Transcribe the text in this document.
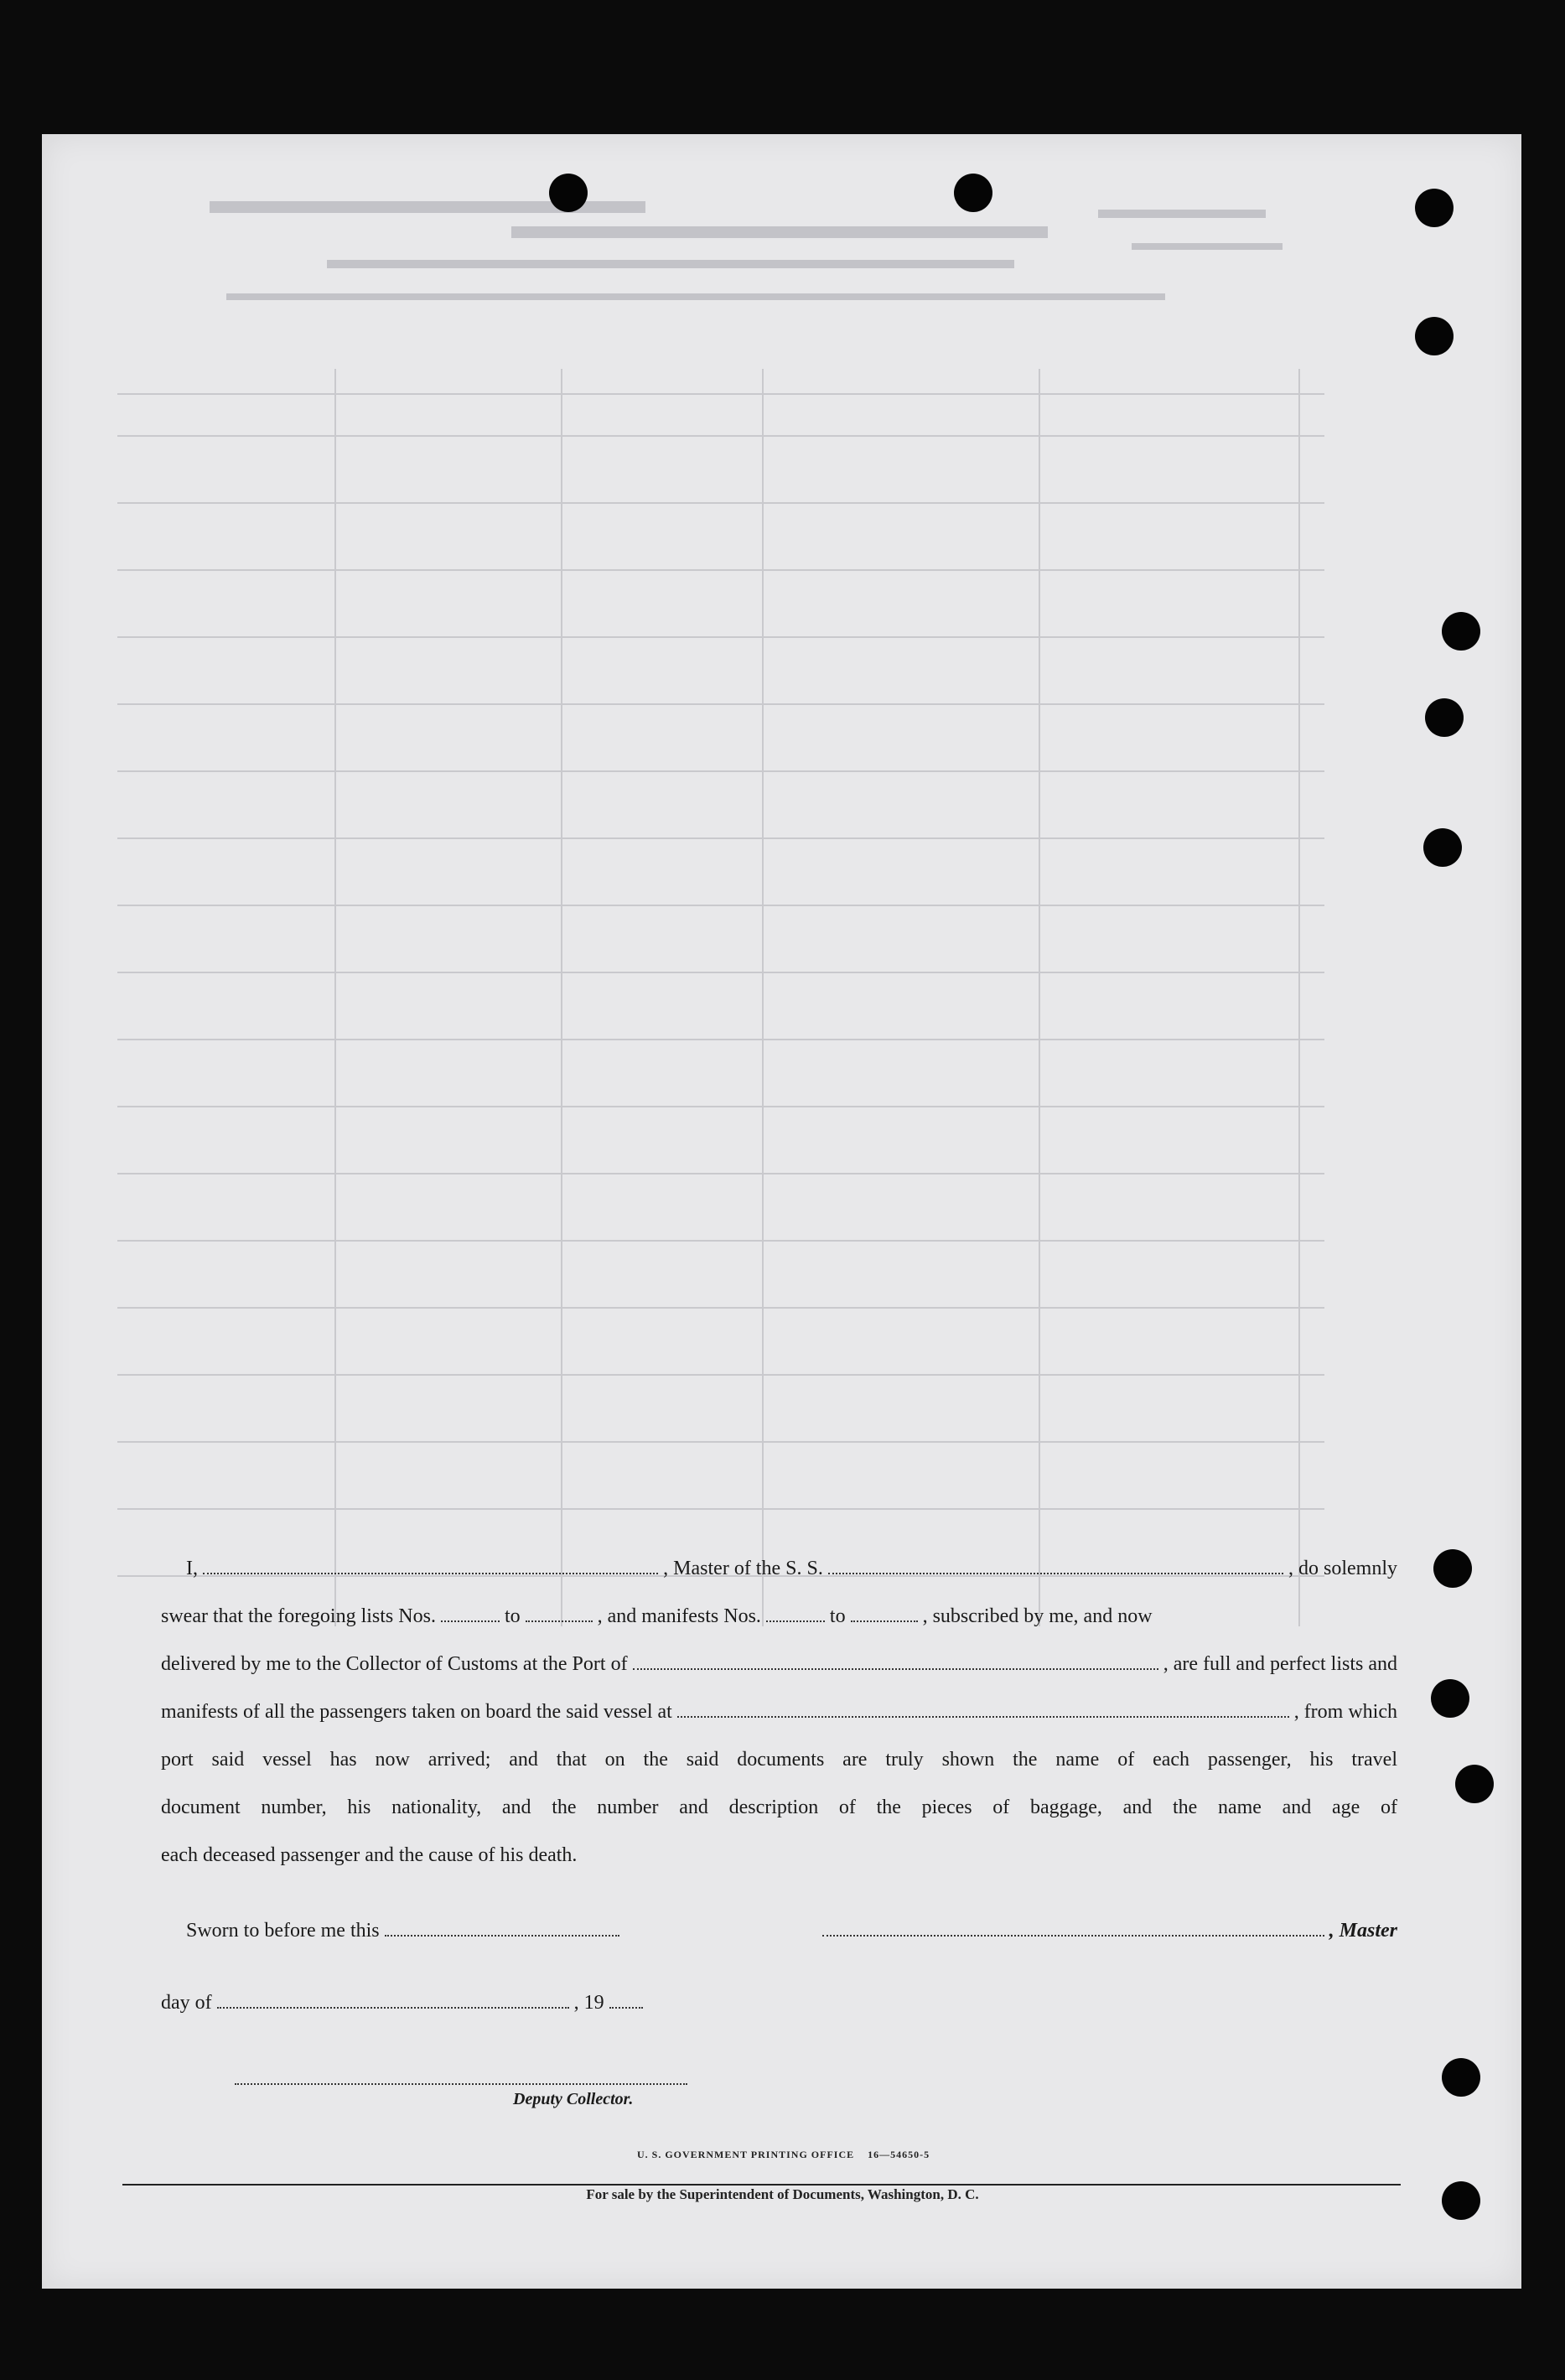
I,	, Master of the S. S.	, do solemnly
swear that the foregoing lists Nos.	to	, and manifests Nos.	to	, subscribed by me, and now
delivered by me to the Collector of Customs at the Port of	, are full and perfect lists and
manifests of all the passengers taken on board the said vessel at	, from which
port said vessel has now arrived; and that on the said documents are truly shown the name of each passenger, his travel
document number, his nationality, and the number and description of the pieces of baggage, and the name and age of
each deceased passenger and the cause of his death.
Sworn to before me this	, Master
day of	, 19
Deputy Collector.
U. S. GOVERNMENT PRINTING OFFICE    16—54650-5
For sale by the Superintendent of Documents, Washington, D. C.
